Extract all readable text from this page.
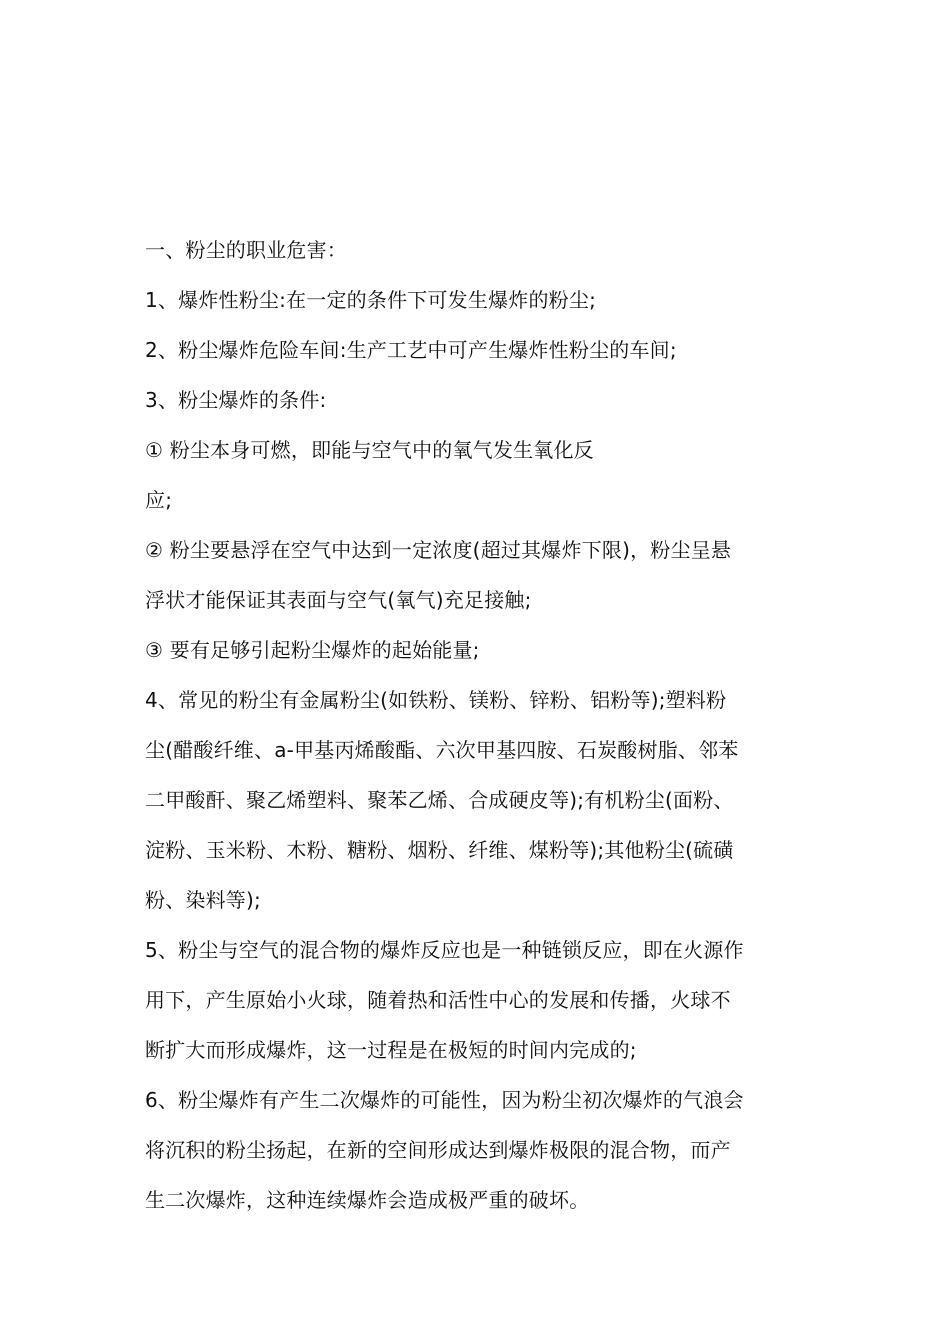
一、粉尘的职业危害：
1、爆炸性粉尘:在一定的条件下可发生爆炸的粉尘;
2、粉尘爆炸危险车间:生产工艺中可产生爆炸性粉尘的车间;
3、粉尘爆炸的条件:
① 粉尘本身可燃，即能与空气中的氧气发生氧化反
应;
② 粉尘要悬浮在空气中达到一定浓度(超过其爆炸下限)，粉尘呈悬
浮状才能保证其表面与空气(氧气)充足接触;
③ 要有足够引起粉尘爆炸的起始能量;
4、常见的粉尘有金属粉尘(如铁粉、镁粉、锌粉、铝粉等);塑料粉
尘(醋酸纤维、a-甲基丙烯酸酯、六次甲基四胺、石炭酸树脂、邻苯
二甲酸酐、聚乙烯塑料、聚苯乙烯、合成硬皮等);有机粉尘(面粉、
淀粉、玉米粉、木粉、糖粉、烟粉、纤维、煤粉等);其他粉尘(硫磺
粉、染料等);
5、粉尘与空气的混合物的爆炸反应也是一种链锁反应，即在火源作
用下，产生原始小火球，随着热和活性中心的发展和传播，火球不
断扩大而形成爆炸，这一过程是在极短的时间内完成的;
6、粉尘爆炸有产生二次爆炸的可能性，因为粉尘初次爆炸的气浪会
将沉积的粉尘扬起，在新的空间形成达到爆炸极限的混合物，而产
生二次爆炸，这种连续爆炸会造成极严重的破坏。
